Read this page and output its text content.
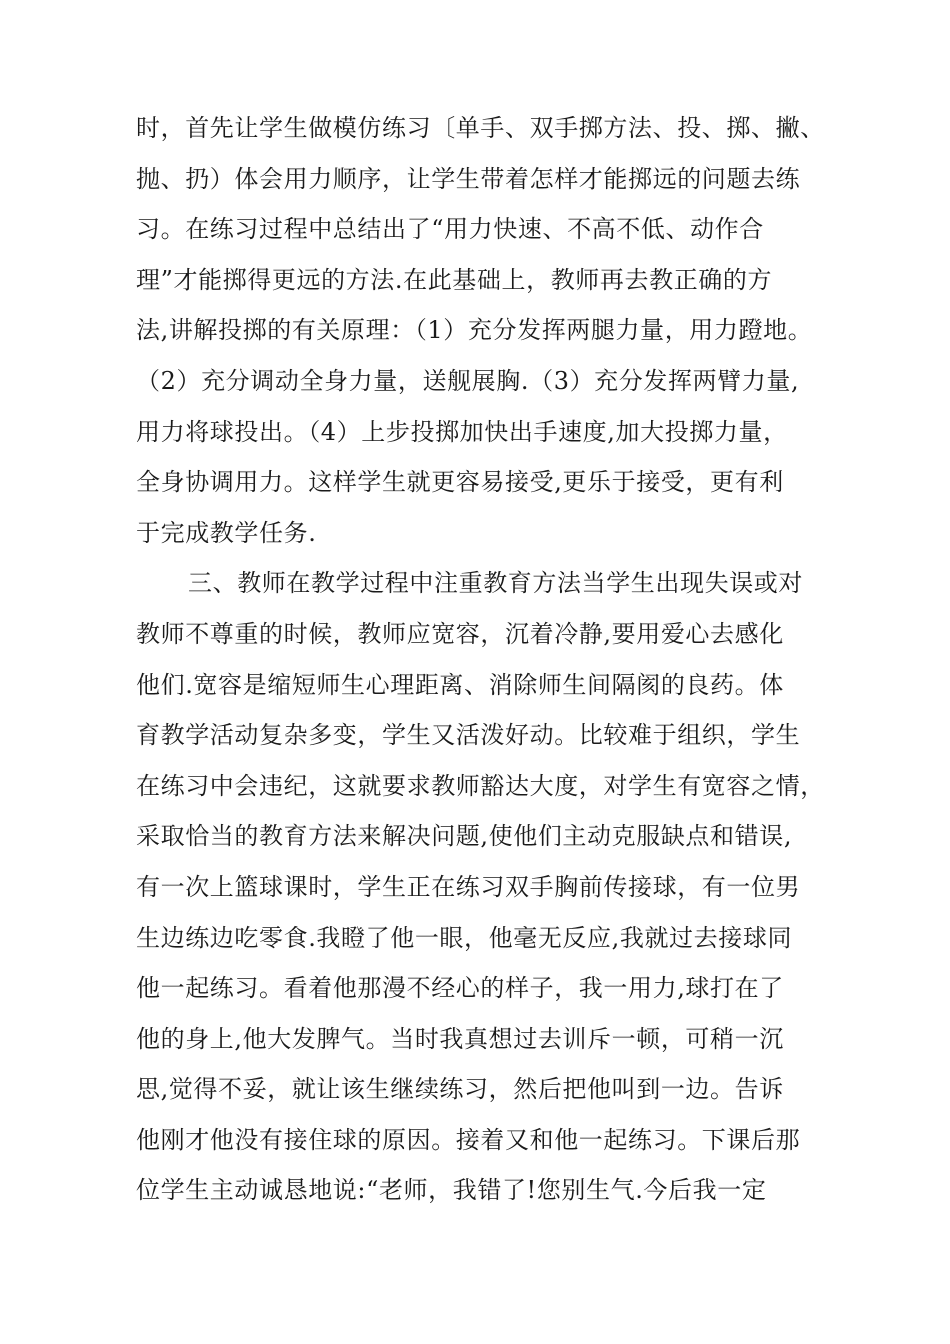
时，首先让学生做模仿练习〔单手、双手掷方法、投、掷、撇、
抛、扔）体会用力顺序，让学生带着怎样才能掷远的问题去练
习。在练习过程中总结出了“用力快速、不高不低、动作合
理”才能掷得更远的方法.在此基础上，教师再去教正确的方
法,讲解投掷的有关原理：（1）充分发挥两腿力量，用力蹬地。
（2）充分调动全身力量，送舰展胸.（3）充分发挥两臂力量,
用力将球投出。（4）上步投掷加快出手速度,加大投掷力量，
全身协调用力。这样学生就更容易接受,更乐于接受，更有利
于完成教学任务.
三、教师在教学过程中注重教育方法当学生出现失误或对
教师不尊重的时候，教师应宽容，沉着冷静,要用爱心去感化
他们.宽容是缩短师生心理距离、消除师生间隔阂的良药。体
育教学活动复杂多变，学生又活泼好动。比较难于组织，学生
在练习中会违纪，这就要求教师豁达大度，对学生有宽容之情，
采取恰当的教育方法来解决问题,使他们主动克服缺点和错误,
有一次上篮球课时，学生正在练习双手胸前传接球，有一位男
生边练边吃零食.我瞪了他一眼，他毫无反应,我就过去接球同
他一起练习。看着他那漫不经心的样子，我一用力,球打在了
他的身上,他大发脾气。当时我真想过去训斥一顿，可稍一沉
思,觉得不妥，就让该生继续练习，然后把他叫到一边。告诉
他刚才他没有接住球的原因。接着又和他一起练习。下课后那
位学生主动诚恳地说:“老师，我错了!您别生气.今后我一定
